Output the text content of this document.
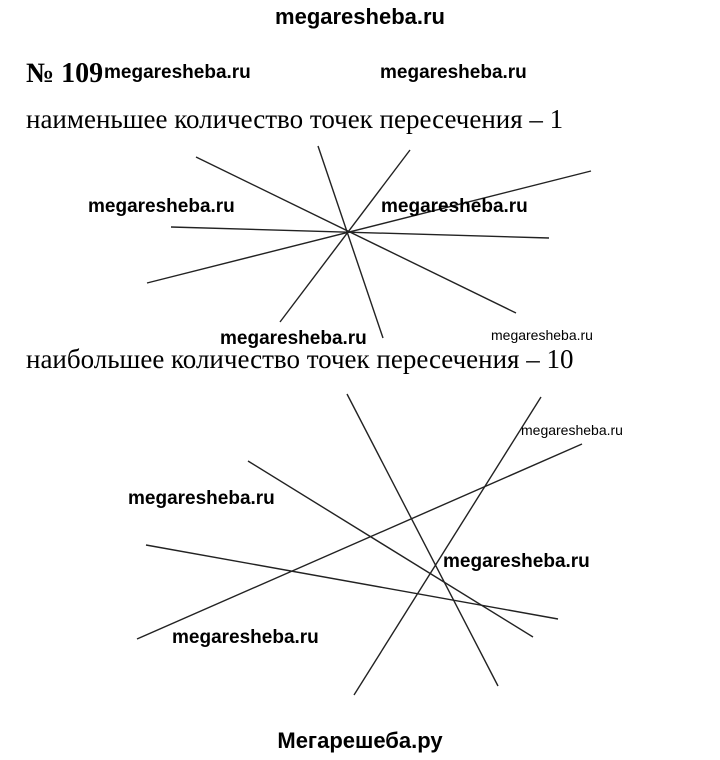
megaresheba.ru
№ 109
наименьшее количество точек пересечения – 1
наибольшее количество точек пересечения – 10
megaresheba.ru	megaresheba.ru
megaresheba.ru	megaresheba.ru
megaresheba.ru	megaresheba.ru
megaresheba.ru
megaresheba.ru
megaresheba.ru
megaresheba.ru
Мегарешеба.ру
